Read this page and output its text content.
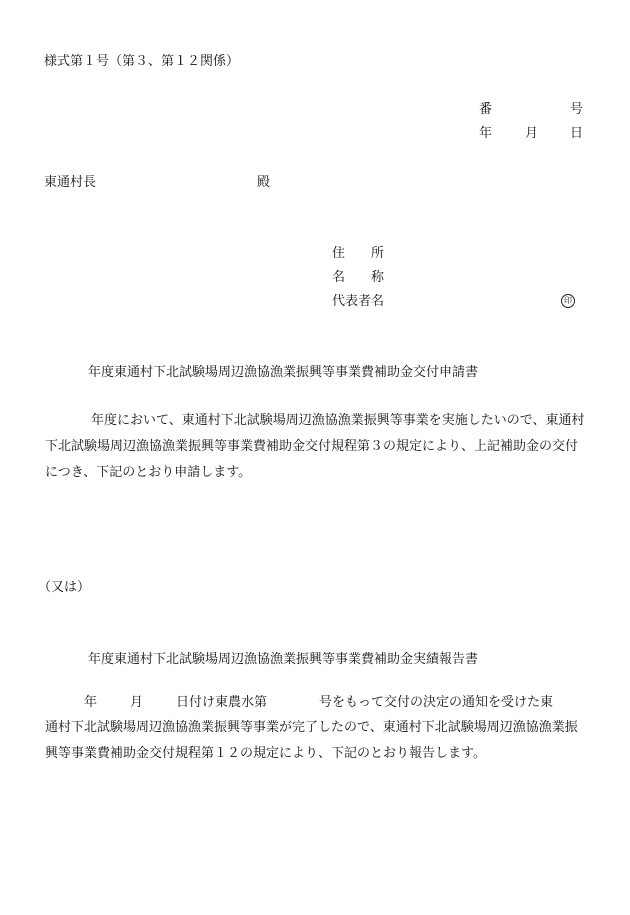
様式第１号（第３、第１２関係）
番	号
年	月 日
東通村長	殿
住　　所
名　　称
代表者名	印
年度東通村下北試験場周辺漁協漁業振興等事業費補助金交付申請書
年度において、東通村下北試験場周辺漁協漁業振興等事業を実施したいので、東通村下北試験場周辺漁協漁業振興等事業費補助金交付規程第３の規定により、上記補助金の交付につき、下記のとおり申請します。
（又は）
年度東通村下北試験場周辺漁協漁業振興等事業費補助金実績報告書
年	月	日付け東農水第	号をもって交付の決定の通知を受けた東
通村下北試験場周辺漁協漁業振興等事業が完了したので、東通村下北試験場周辺漁協漁業振興等事業費補助金交付規程第１２の規定により、下記のとおり報告します。
